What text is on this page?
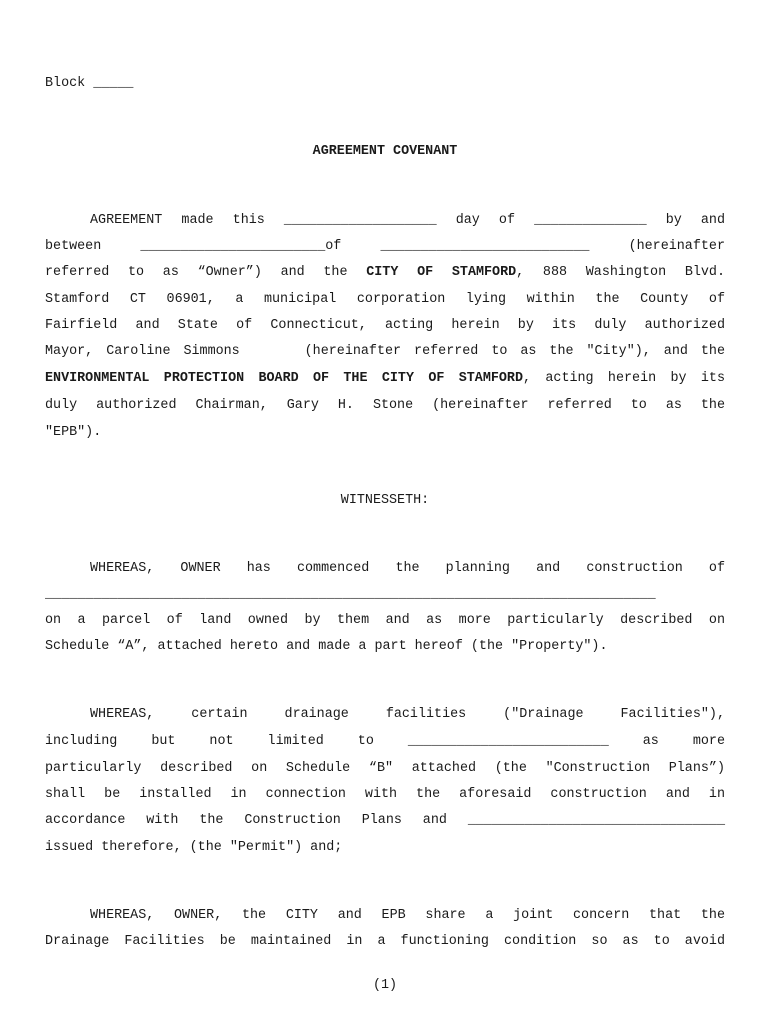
Block _____
AGREEMENT COVENANT
AGREEMENT made this ___________________ day of ______________ by and
between	_______________________of	__________________________	(hereinafter
referred to as “Owner”) and the CITY OF STAMFORD, 888 Washington Blvd.
Stamford CT 06901, a municipal corporation lying within the County of
Fairfield and State of Connecticut, acting herein by its duly authorized
Mayor, Caroline Simmons	(hereinafter referred to as the "City"), and the
ENVIRONMENTAL PROTECTION BOARD OF THE CITY OF STAMFORD, acting herein by its
duly authorized Chairman, Gary H. Stone (hereinafter referred to as the
"EPB").
WITNESSETH:
WHEREAS, OWNER has commenced the planning and construction of
____________________________________________________________________________
on a parcel of land owned by them and as more particularly described on
Schedule “A”, attached hereto and made a part hereof (the "Property").
WHEREAS, certain drainage facilities ("Drainage Facilities"),
including but not limited to	_________________________	as more
particularly described on Schedule “B" attached (the "Construction Plans”)
shall be installed in connection with the aforesaid construction and in
accordance with the Construction Plans and ________________________________
issued therefore, (the "Permit") and;
WHEREAS, OWNER, the CITY and EPB share a joint concern that the
Drainage Facilities be maintained in a functioning condition so as to avoid
(1)
